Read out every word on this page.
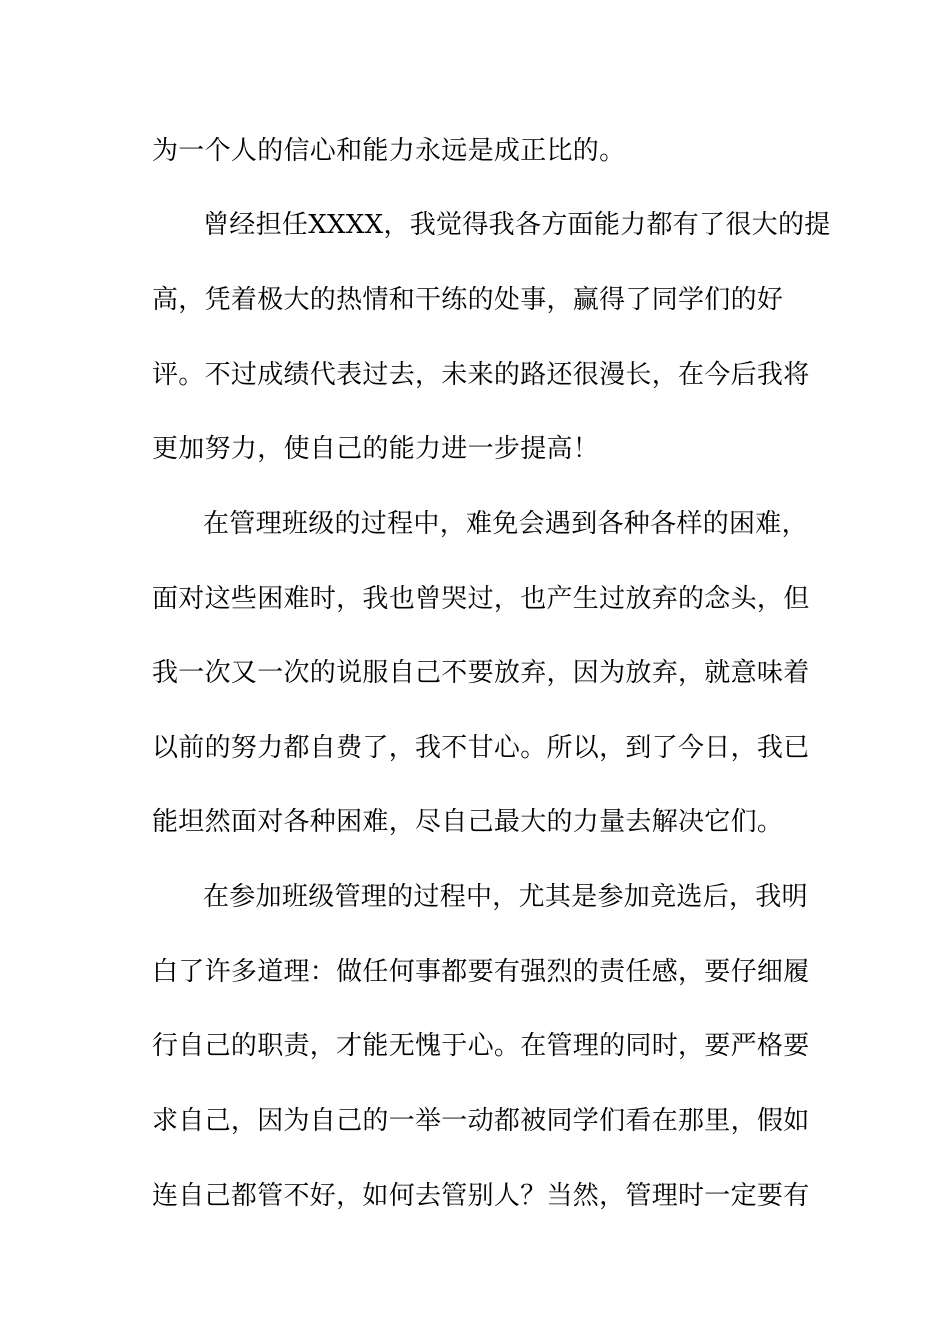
为一个人的信心和能力永远是成正比的。
曾经担任XXXX，我觉得我各方面能力都有了很大的提
高，凭着极大的热情和干练的处事，赢得了同学们的好
评。不过成绩代表过去，未来的路还很漫长，在今后我将
更加努力，使自己的能力进一步提高！
在管理班级的过程中，难免会遇到各种各样的困难，
面对这些困难时，我也曾哭过，也产生过放弃的念头，但
我一次又一次的说服自己不要放弃，因为放弃，就意味着
以前的努力都自费了，我不甘心。所以，到了今日，我已
能坦然面对各种困难，尽自己最大的力量去解决它们。
在参加班级管理的过程中，尤其是参加竞选后，我明
白了许多道理：做任何事都要有强烈的责任感，要仔细履
行自己的职责，才能无愧于心。在管理的同时，要严格要
求自己，因为自己的一举一动都被同学们看在那里，假如
连自己都管不好，如何去管别人？当然，管理时一定要有
